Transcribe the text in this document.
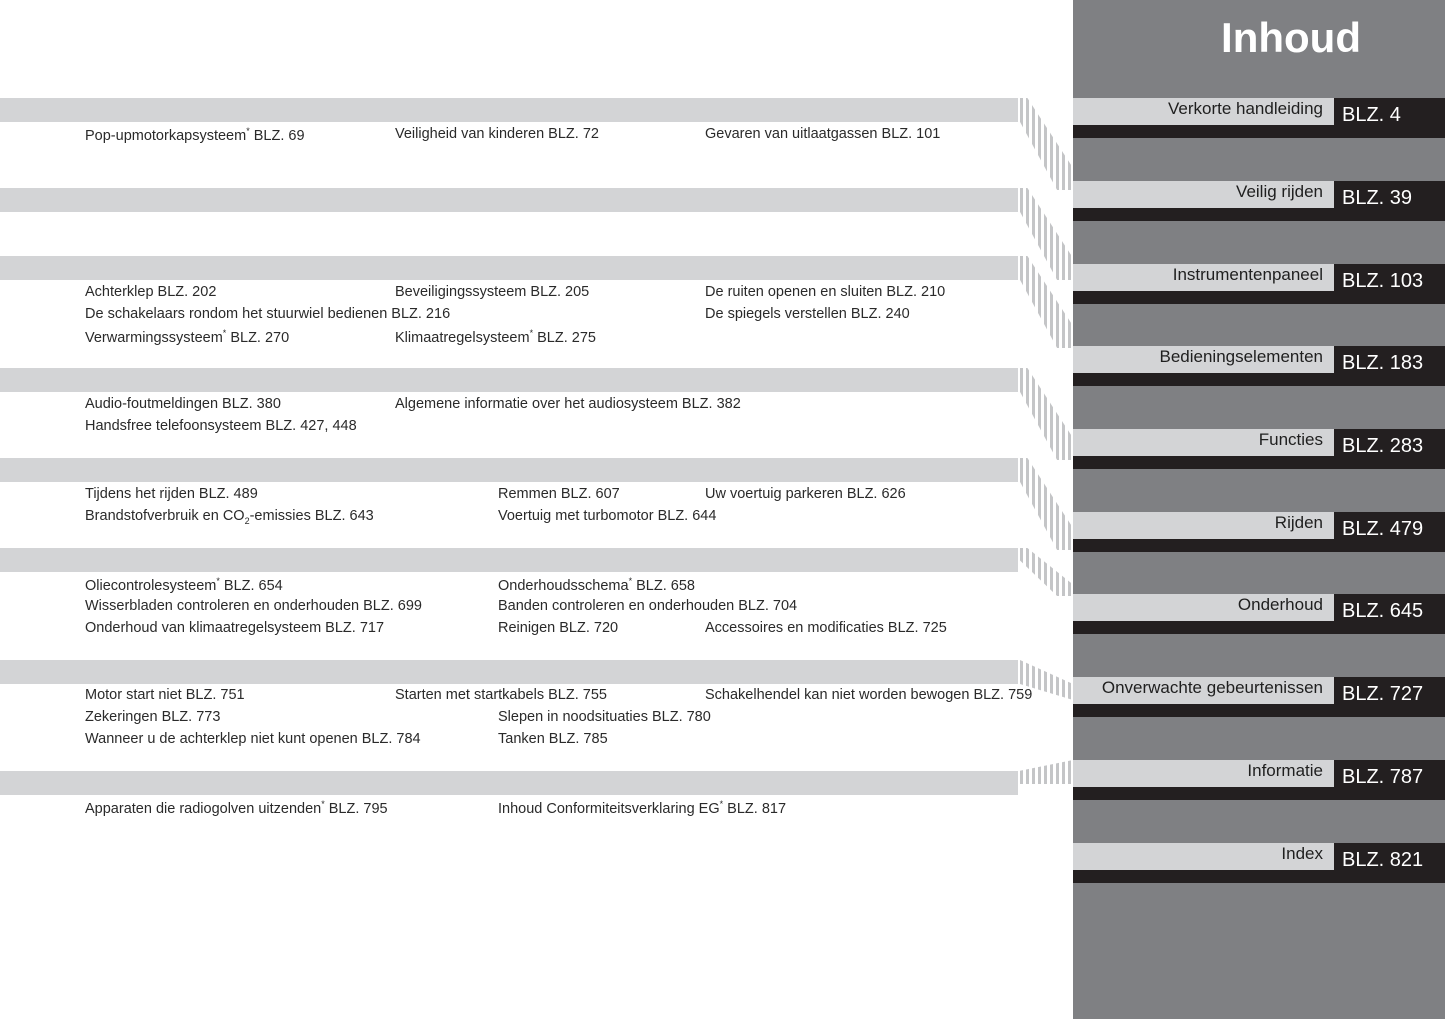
Inhoud
Verkorte handleiding BLZ. 4
Veilig rijden BLZ. 39
Instrumentenpaneel BLZ. 103
Bedieningselementen BLZ. 183
Functies BLZ. 283
Rijden BLZ. 479
Onderhoud BLZ. 645
Onverwachte gebeurtenissen BLZ. 727
Informatie BLZ. 787
Index BLZ. 821
Pop-upmotorkapsysteem* BLZ. 69	Veiligheid van kinderen BLZ. 72	Gevaren van uitlaatgassen BLZ. 101
Achterklep BLZ. 202	Beveiligingssysteem BLZ. 205	De ruiten openen en sluiten BLZ. 210
De schakelaars rondom het stuurwiel bedienen BLZ. 216	De spiegels verstellen BLZ. 240
Verwarmingssysteem* BLZ. 270	Klimaatregelsysteem* BLZ. 275
Audio-foutmeldingen BLZ. 380	Algemene informatie over het audiosysteem BLZ. 382
Handsfree telefoonsysteem BLZ. 427, 448
Tijdens het rijden BLZ. 489	Remmen BLZ. 607	Uw voertuig parkeren BLZ. 626
Brandstofverbruik en $CO_2$-emissies BLZ. 643	Voertuig met turbomotor BLZ. 644
Oliecontrolesysteem* BLZ. 654	Onderhoudsschema* BLZ. 658
Wisserbladen controleren en onderhouden BLZ. 699	Banden controleren en onderhouden BLZ. 704
Onderhoud van klimaatregelsysteem BLZ. 717	Reinigen BLZ. 720	Accessoires en modificaties BLZ. 725
Motor start niet BLZ. 751	Starten met startkabels BLZ. 755	Schakelhendel kan niet worden bewogen BLZ. 759
Zekeringen BLZ. 773	Slepen in noodsituaties BLZ. 780
Wanneer u de achterklep niet kunt openen BLZ. 784	Tanken BLZ. 785
Apparaten die radiogolven uitzenden* BLZ. 795	Inhoud Conformiteitsverklaring EG* BLZ. 817
